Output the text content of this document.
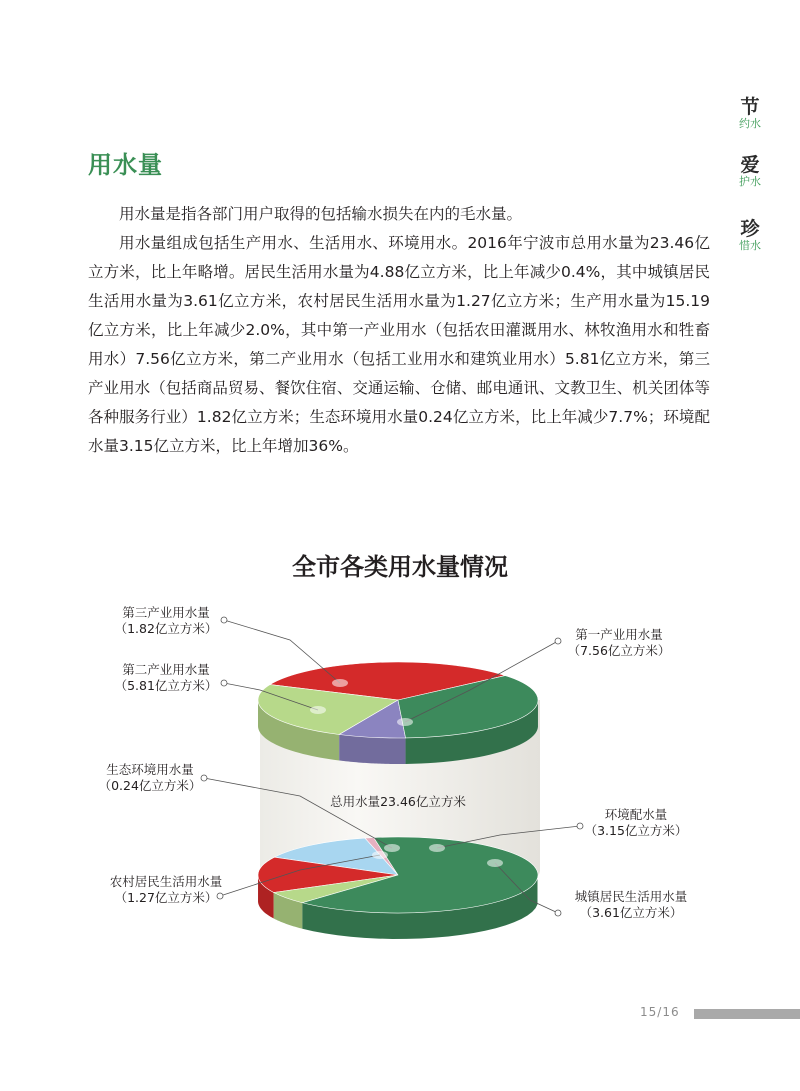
节
约水
爱
护水
珍
惜水
用水量

用水量是指各部门用户取得的包括输水损失在内的毛水量。

用水量组成包括生产用水、生活用水、环境用水。2016年宁波市总用水量为23.46亿立方米，比上年略增。居民生活用水量为4.88亿立方米，比上年减少0.4%，其中城镇居民生活用水量为3.61亿立方米，农村居民生活用水量为1.27亿立方米；生产用水量为15.19亿立方米，比上年减少2.0%，其中第一产业用水（包括农田灌溉用水、林牧渔用水和牲畜用水）7.56亿立方米，第二产业用水（包括工业用水和建筑业用水）5.81亿立方米，第三产业用水（包括商品贸易、餐饮住宿、交通运输、仓储、邮电通讯、文教卫生、机关团体等各种服务行业）1.82亿立方米；生态环境用水量0.24亿立方米，比上年减少7.7%；环境配水量3.15亿立方米，比上年增加36%。

全市各类用水量情况
总用水量23.46亿立方米
第三产业用水量
（1.82亿立方米）
第二产业用水量
（5.81亿立方米）
第一产业用水量
（7.56亿立方米）
生态环境用水量
（0.24亿立方米）
环境配水量
（3.15亿立方米）
农村居民生活用水量
（1.27亿立方米）	城镇居民生活用水量
（3.61亿立方米）
15/16
